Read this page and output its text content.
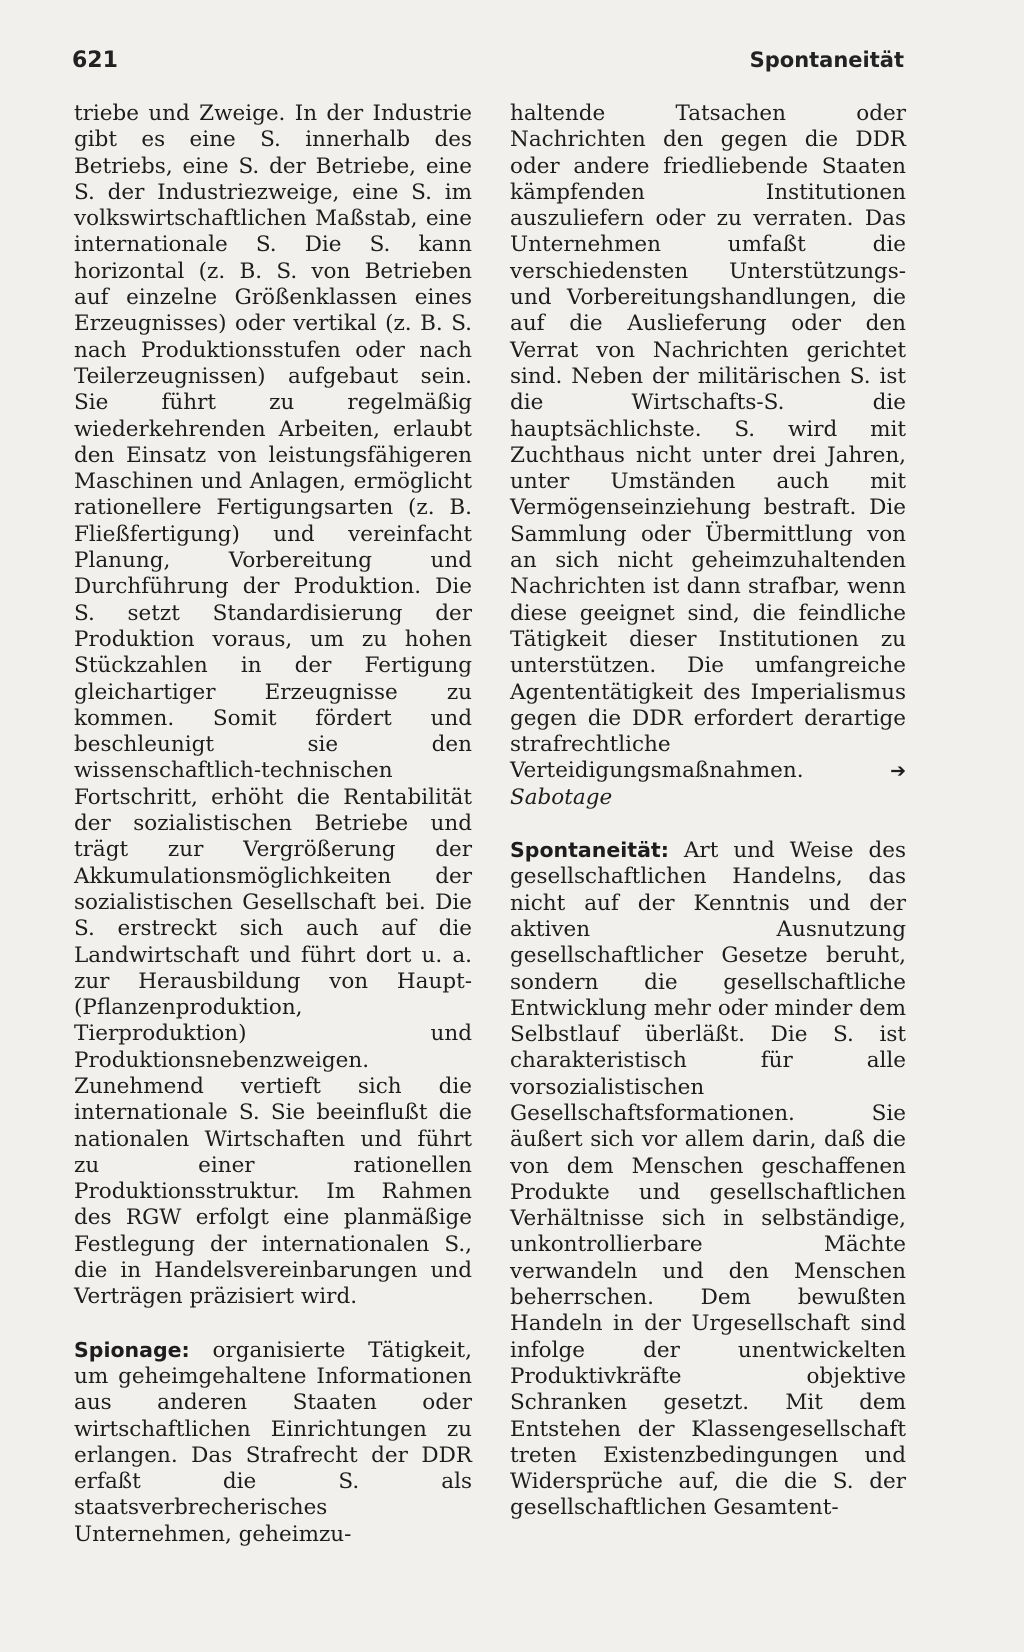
621	Spontaneität

triebe und Zweige. In der Industrie gibt es eine S. innerhalb des Betriebs, eine S. der Betriebe, eine S. der Industriezweige, eine S. im volkswirtschaftlichen Maßstab, eine internationale S. Die S. kann horizontal (z. B. S. von Betrieben auf einzelne Größenklassen eines Erzeugnisses) oder vertikal (z. B. S. nach Produktionsstufen oder nach Teilerzeugnissen) aufgebaut sein. Sie führt zu regelmäßig wiederkehrenden Arbeiten, erlaubt den Einsatz von leistungsfähigeren Maschinen und Anlagen, ermöglicht rationellere Fertigungsarten (z. B. Fließfertigung) und vereinfacht Planung, Vorbereitung und Durchführung der Produktion. Die S. setzt Standardisierung der Produktion voraus, um zu hohen Stückzahlen in der Fertigung gleichartiger Erzeugnisse zu kommen. Somit fördert und beschleunigt sie den wissenschaftlich-technischen Fortschritt, erhöht die Rentabilität der sozialistischen Betriebe und trägt zur Vergrößerung der Akkumulationsmöglichkeiten der sozialistischen Gesellschaft bei. Die S. erstreckt sich auch auf die Landwirtschaft und führt dort u. a. zur Herausbildung von Haupt- (Pflanzenproduktion, Tierproduktion) und Produktionsnebenzweigen. Zunehmend vertieft sich die internationale S. Sie beeinflußt die nationalen Wirtschaften und führt zu einer rationellen Produktionsstruktur. Im Rahmen des RGW erfolgt eine planmäßige Festlegung der internationalen S., die in Handelsvereinbarungen und Verträgen präzisiert wird.

Spionage: organisierte Tätigkeit, um geheimgehaltene Informationen aus anderen Staaten oder wirtschaftlichen Einrichtungen zu erlangen. Das Strafrecht der DDR erfaßt die S. als staatsverbrecherisches Unternehmen, geheimzu-

haltende Tatsachen oder Nachrichten den gegen die DDR oder andere friedliebende Staaten kämpfenden Institutionen auszuliefern oder zu verraten. Das Unternehmen umfaßt die verschiedensten Unterstützungs- und Vorbereitungshandlungen, die auf die Auslieferung oder den Verrat von Nachrichten gerichtet sind. Neben der militärischen S. ist die Wirtschafts-S. die hauptsächlichste. S. wird mit Zuchthaus nicht unter drei Jahren, unter Umständen auch mit Vermögenseinziehung bestraft. Die Sammlung oder Übermittlung von an sich nicht geheimzuhaltenden Nachrichten ist dann strafbar, wenn diese geeignet sind, die feindliche Tätigkeit dieser Institutionen zu unterstützen. Die umfangreiche Agententätigkeit des Imperialismus gegen die DDR erfordert derartige strafrechtliche Verteidigungsmaßnahmen.	➔ Sabotage

Spontaneität: Art und Weise des gesellschaftlichen Handelns, das nicht auf der Kenntnis und der aktiven Ausnutzung gesellschaftlicher Gesetze beruht, sondern die gesellschaftliche Entwicklung mehr oder minder dem Selbstlauf überläßt. Die S. ist charakteristisch für alle vorsozialistischen Gesellschaftsformationen. Sie äußert sich vor allem darin, daß die von dem Menschen geschaffenen Produkte und gesellschaftlichen Verhältnisse sich in selbständige, unkontrollierbare Mächte verwandeln und den Menschen beherrschen. Dem bewußten Handeln in der Urgesellschaft sind infolge der unentwickelten Produktivkräfte objektive Schranken gesetzt. Mit dem Entstehen der Klassengesellschaft treten Existenzbedingungen und Widersprüche auf, die die S. der gesellschaftlichen Gesamtent-
